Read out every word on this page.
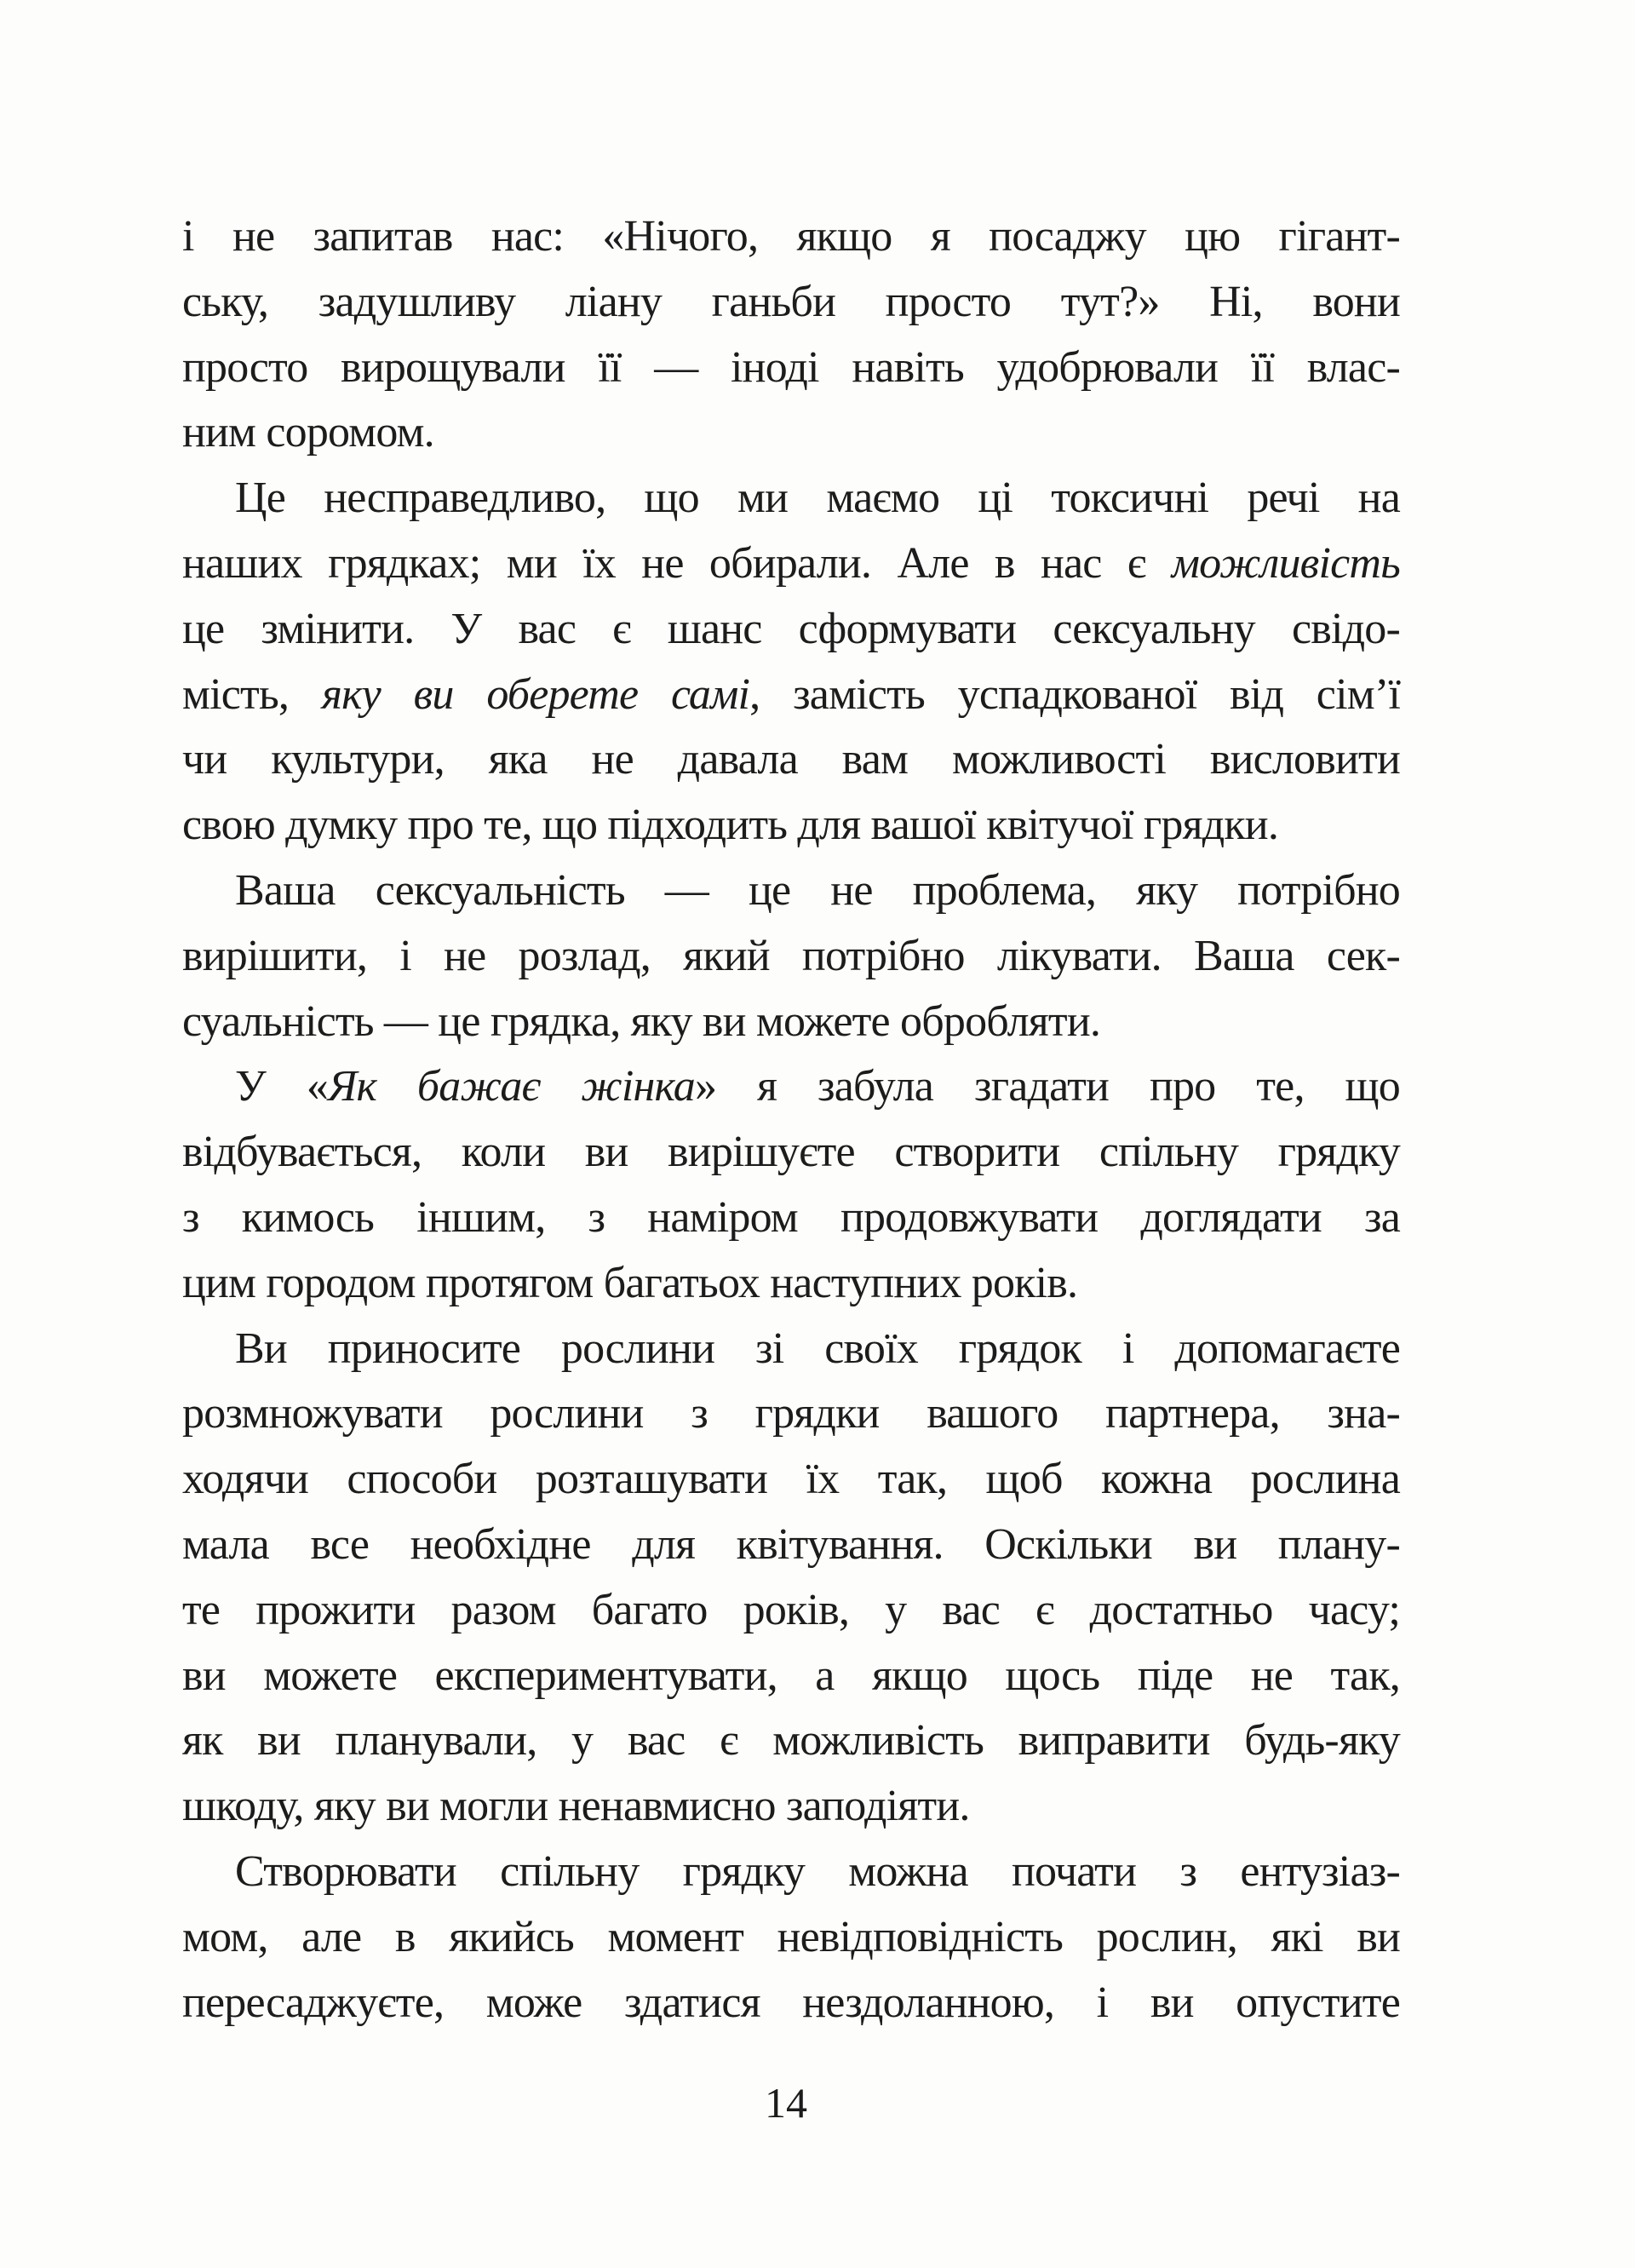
і не запитав нас: «Нічого, якщо я посаджу цю гігант-
ську, задушливу ліану ганьби просто тут?» Ні, вони
просто вирощували її — іноді навіть удобрювали її влас-
ним соромом.
Це несправедливо, що ми маємо ці токсичні речі на
наших грядках; ми їх не обирали. Але в нас є можливість
це змінити. У вас є шанс сформувати сексуальну свідо-
мість, яку ви оберете самі, замість успадкованої від сім’ї
чи культури, яка не давала вам можливості висловити
свою думку про те, що підходить для вашої квітучої грядки.
Ваша сексуальність — це не проблема, яку потрібно
вирішити, і не розлад, який потрібно лікувати. Ваша сек-
суальність — це грядка, яку ви можете обробляти.
У «Як бажає жінка» я забула згадати про те, що
відбувається, коли ви вирішуєте створити спільну грядку
з кимось іншим, з наміром продовжувати доглядати за
цим городом протягом багатьох наступних років.
Ви приносите рослини зі своїх грядок і допомагаєте
розмножувати рослини з грядки вашого партнера, зна-
ходячи способи розташувати їх так, щоб кожна рослина
мала все необхідне для квітування. Оскільки ви плану-
те прожити разом багато років, у вас є достатньо часу;
ви можете експериментувати, а якщо щось піде не так,
як ви планували, у вас є можливість виправити будь-яку
шкоду, яку ви могли ненавмисно заподіяти.
Створювати спільну грядку можна почати з ентузіаз-
мом, але в якийсь момент невідповідність рослин, які ви
пересаджуєте, може здатися нездоланною, і ви опустите
14
